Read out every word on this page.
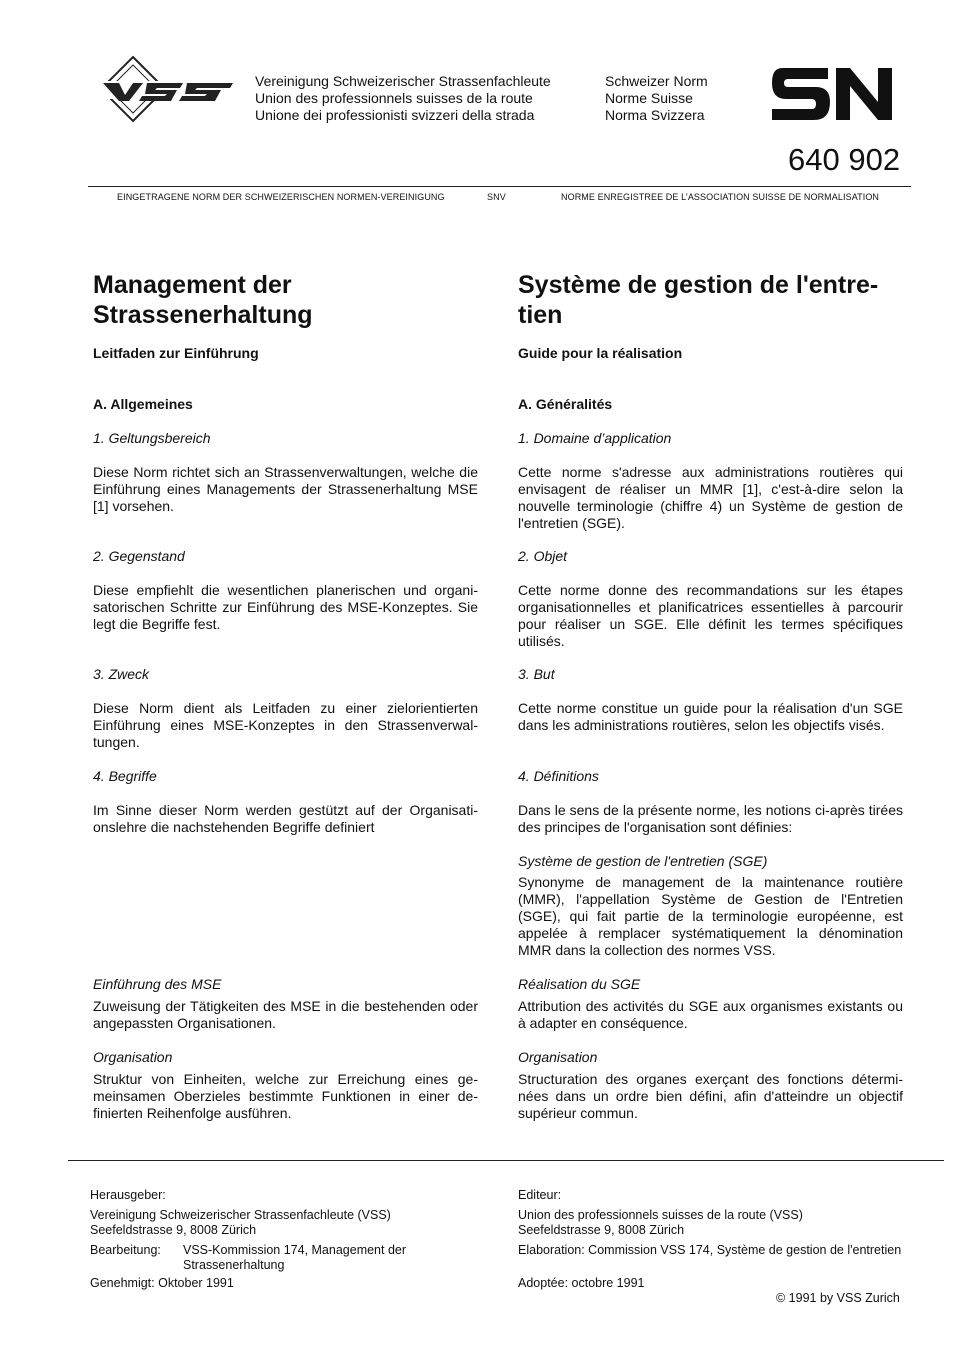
Vereinigung Schweizerischer Strassenfachleute
Union des professionnels suisses de la route
Unione dei professionisti svizzeri della strada
Schweizer Norm
Norme Suisse
Norma Svizzera
640 902
EINGETRAGENE NORM DER SCHWEIZERISCHEN NORMEN-VEREINIGUNG	SNV	NORME ENREGISTREE DE L’ASSOCIATION SUISSE DE NORMALISATION
Management der
Strassenerhaltung
Leitfaden zur Einführung
A. Allgemeines
1. Geltungsbereich
Diese Norm richtet sich an Strassenverwaltungen, welche die Einführung eines Managements der Strassenerhaltung MSE [1] vorsehen.
2. Gegenstand
Diese empfiehlt die wesentlichen planerischen und organi- satorischen Schritte zur Einführung des MSE-Konzeptes. Sie legt die Begriffe fest.
3. Zweck
Diese Norm dient als Leitfaden zu einer zielorientierten Einführung eines MSE-Konzeptes in den Strassenverwal- tungen.
4. Begriffe
Im Sinne dieser Norm werden gestützt auf der Organisati- onslehre die nachstehenden Begriffe definiert
Einführung des MSE
Zuweisung der Tätigkeiten des MSE in die bestehenden oder angepassten Organisationen.
Organisation
Struktur von Einheiten, welche zur Erreichung eines ge- meinsamen Oberzieles bestimmte Funktionen in einer de- finierten Reihenfolge ausführen.
Système de gestion de l'entre-
tien
Guide pour la réalisation
A. Généralités
1. Domaine d’application
Cette norme s'adresse aux administrations routières qui envisagent de réaliser un MMR [1], c'est-à-dire selon la nouvelle terminologie (chiffre 4) un Système de gestion de l'entretien (SGE).
2. Objet
Cette norme donne des recommandations sur les étapes organisationnelles et planificatrices essentielles à parcourir pour réaliser un SGE. Elle définit les termes spécifiques utilisés.
3. But
Cette norme constitue un guide pour la réalisation d'un SGE dans les administrations routières, selon les objectifs visés.
4. Définitions
Dans le sens de la présente norme, les notions ci-après tirées des principes de l'organisation sont définies:
Système de gestion de l'entretien (SGE)
Synonyme de management de la maintenance routière (MMR), l'appellation Système de Gestion de l'Entretien (SGE), qui fait partie de la terminologie européenne, est appelée à remplacer systématiquement la dénomination MMR dans la collection des normes VSS.
Réalisation du SGE
Attribution des activités du SGE aux organismes existants ou à adapter en conséquence.
Organisation
Structuration des organes exerçant des fonctions détermi- nées dans un ordre bien défini, afin d'atteindre un objectif supérieur commun.
Herausgeber:
Vereinigung Schweizerischer Strassenfachleute (VSS)
Seefeldstrasse 9, 8008 Zürich
Bearbeitung: VSS-Kommission 174, Management der
Strassenerhaltung
Genehmigt: Oktober 1991
Editeur:
Union des professionnels suisses de la route (VSS)
Seefeldstrasse 9, 8008 Zürich
Elaboration: Commission VSS 174, Système de gestion de l'entretien
Adoptée: octobre 1991
© 1991 by VSS Zurich
